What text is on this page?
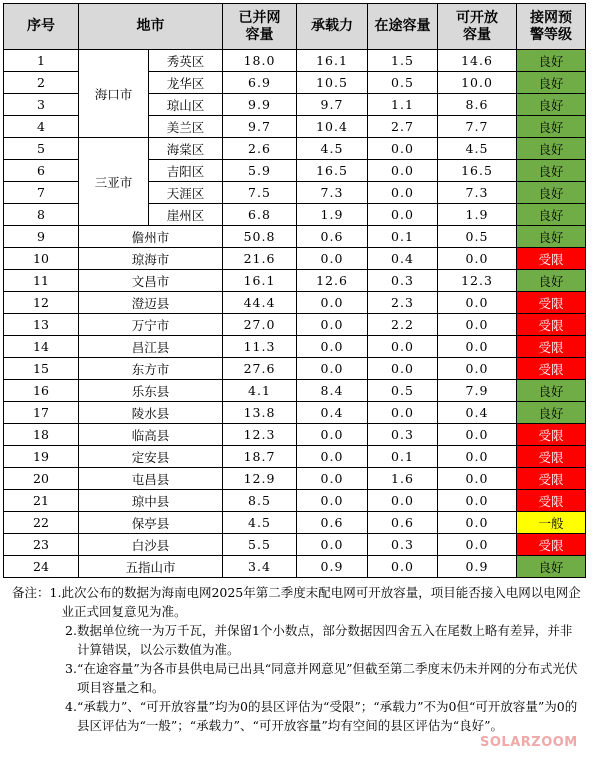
序号	地市		已并网容量	承载力	在途容量	可开放容量	接网预警等级
1	海口市	秀英区	18.0	16.1	1.5	14.6	良好
2		龙华区	6.9	10.5	0.5	10.0	良好
3		琼山区	9.9	9.7	1.1	8.6	良好
4		美兰区	9.7	10.4	2.7	7.7	良好
5	三亚市	海棠区	2.6	4.5	0.0	4.5	良好
6		吉阳区	5.9	16.5	0.0	16.5	良好
7		天涯区	7.5	7.3	0.0	7.3	良好
8		崖州区	6.8	1.9	0.0	1.9	良好
9	儋州市		50.8	0.6	0.1	0.5	良好
10	琼海市		21.6	0.0	0.4	0.0	受限
11	文昌市		16.1	12.6	0.3	12.3	良好
12	澄迈县		44.4	0.0	2.3	0.0	受限
13	万宁市		27.0	0.0	2.2	0.0	受限
14	昌江县		11.3	0.0	0.0	0.0	受限
15	东方市		27.6	0.0	0.0	0.0	受限
16	乐东县		4.1	8.4	0.5	7.9	良好
17	陵水县		13.8	0.4	0.0	0.4	良好
18	临高县		12.3	0.0	0.3	0.0	受限
19	定安县		18.7	0.0	0.1	0.0	受限
20	屯昌县		12.9	0.0	1.6	0.0	受限
21	琼中县		8.5	0.0	0.0	0.0	受限
22	保亭县		4.5	0.6	0.6	0.0	一般
23	白沙县		5.5	0.0	0.3	0.0	受限
24	五指山市		3.4	0.9	0.0	0.9	良好
备注：1. 此次公布的数据为海南电网2025年第二季度末配电网可开放容量，项目能否接入电网以电网企业正式回复意见为准。
2. 数据单位统一为万千瓦，并保留1个小数点，部分数据因四舍五入在尾数上略有差异，并非计算错误，以公示数值为准。
3. “在途容量”为各市县供电局已出具“同意并网意见”但截至第二季度末仍未并网的分布式光伏项目容量之和。
4. “承载力”、“可开放容量”均为0的县区评估为“受限”；“承载力”不为0但“可开放容量”为0的县区评估为“一般”；“承载力”、“可开放容量”均有空间的县区评估为“良好”。
SOLARZOOM
